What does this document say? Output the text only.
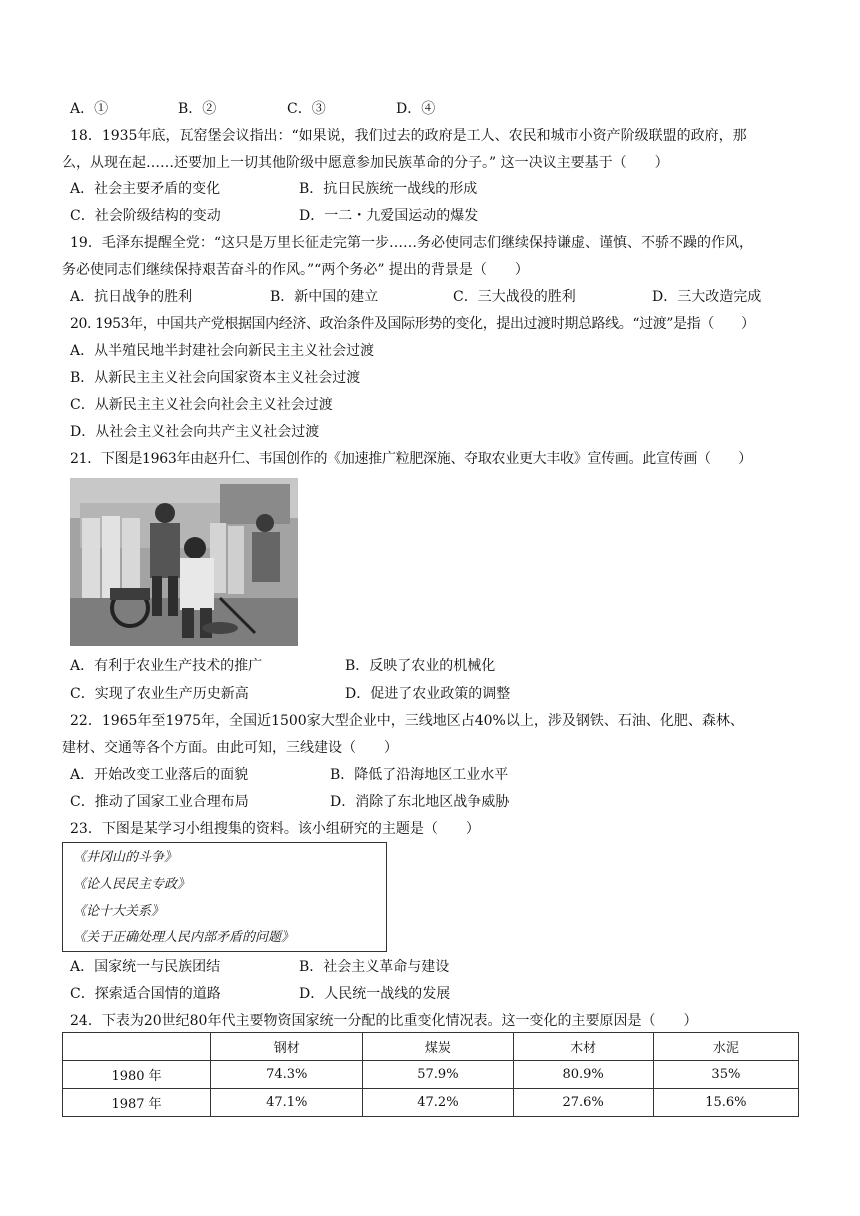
A．①	B．②	C．③	D．④
18．1935年底，瓦窑堡会议指出：“如果说，我们过去的政府是工人、农民和城市小资产阶级联盟的政府，那
么，从现在起……还要加上一切其他阶级中愿意参加民族革命的分子。” 这一决议主要基于（　　）
A．社会主要矛盾的变化	B．抗日民族统一战线的形成
C．社会阶级结构的变动	D．一二・九爱国运动的爆发
19．毛泽东提醒全党：“这只是万里长征走完第一步……务必使同志们继续保持谦虚、谨慎、不骄不躁的作风，
务必使同志们继续保持艰苦奋斗的作风。”“两个务必” 提出的背景是（　　）
A．抗日战争的胜利	B．新中国的建立	C．三大战役的胜利	D．三大改造完成
20. 1953年，中国共产党根据国内经济、政治条件及国际形势的变化，提出过渡时期总路线。“过渡”是指（　　）
A．从半殖民地半封建社会向新民主主义社会过渡
B．从新民主主义社会向国家资本主义社会过渡
C．从新民主主义社会向社会主义社会过渡
D．从社会主义社会向共产主义社会过渡
21．下图是1963年由赵升仁、韦国创作的《加速推广粒肥深施、夺取农业更大丰收》宣传画。此宣传画（　　）
A．有利于农业生产技术的推广	B．反映了农业的机械化
C．实现了农业生产历史新高	D．促进了农业政策的调整
22．1965年至1975年，全国近1500家大型企业中，三线地区占40%以上，涉及钢铁、石油、化肥、森林、
建材、交通等各个方面。由此可知，三线建设（　　）
A．开始改变工业落后的面貌	B．降低了沿海地区工业水平
C．推动了国家工业合理布局	D．消除了东北地区战争威胁
23．下图是某学习小组搜集的资料。该小组研究的主题是（　　）
《井冈山的斗争》
《论人民民主专政》
《论十大关系》
《关于正确处理人民内部矛盾的问题》
A．国家统一与民族团结	B．社会主义革命与建设
C．探索适合国情的道路	D．人民统一战线的发展
24．下表为20世纪80年代主要物资国家统一分配的比重变化情况表。这一变化的主要原因是（　　）
	钢材	煤炭	木材	水泥
1980 年	74.3%	57.9%	80.9%	35%
1987 年	47.1%	47.2%	27.6%	15.6%
